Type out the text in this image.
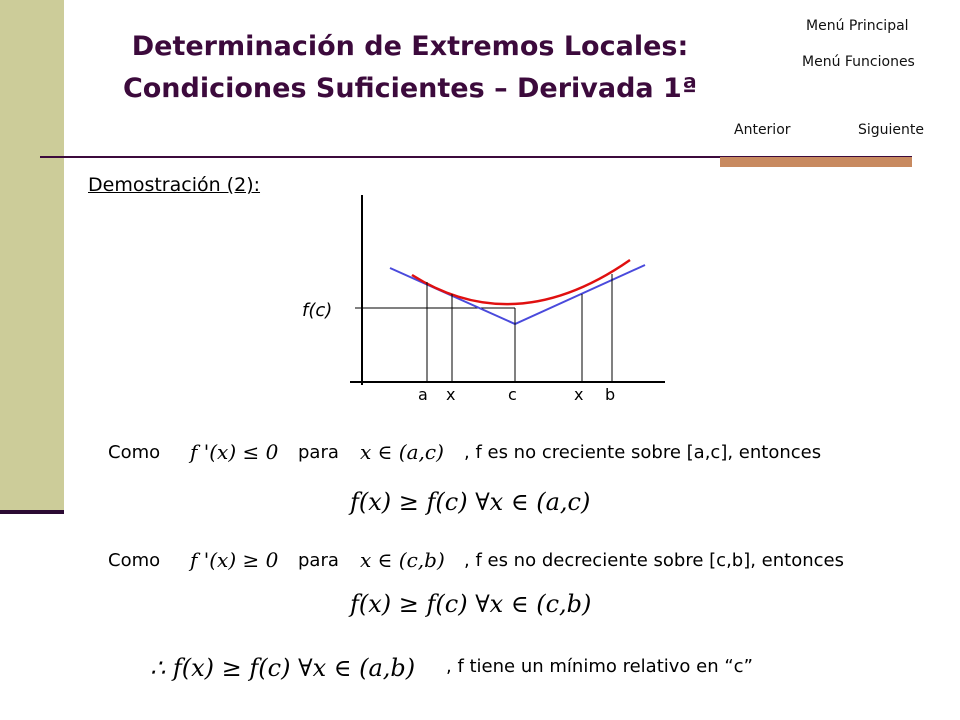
Determinación de Extremos Locales:
Condiciones Suficientes – Derivada 1ª
Menú Principal
Menú Funciones
Anterior	Siguiente
Demostración (2):
f(c)
a x	c	x b
Como f '(x) ≤ 0 para x ∈ (a,c) , f es no creciente sobre [a,c], entonces
f(x) ≥ f(c) ∀x ∈ (a,c)
Como f '(x) ≥ 0 para x ∈ (c,b) , f es no decreciente sobre [c,b], entonces
f(x) ≥ f(c) ∀x ∈ (c,b)
∴ f(x) ≥ f(c) ∀x ∈ (a,b) , f tiene un mínimo relativo en “c”
